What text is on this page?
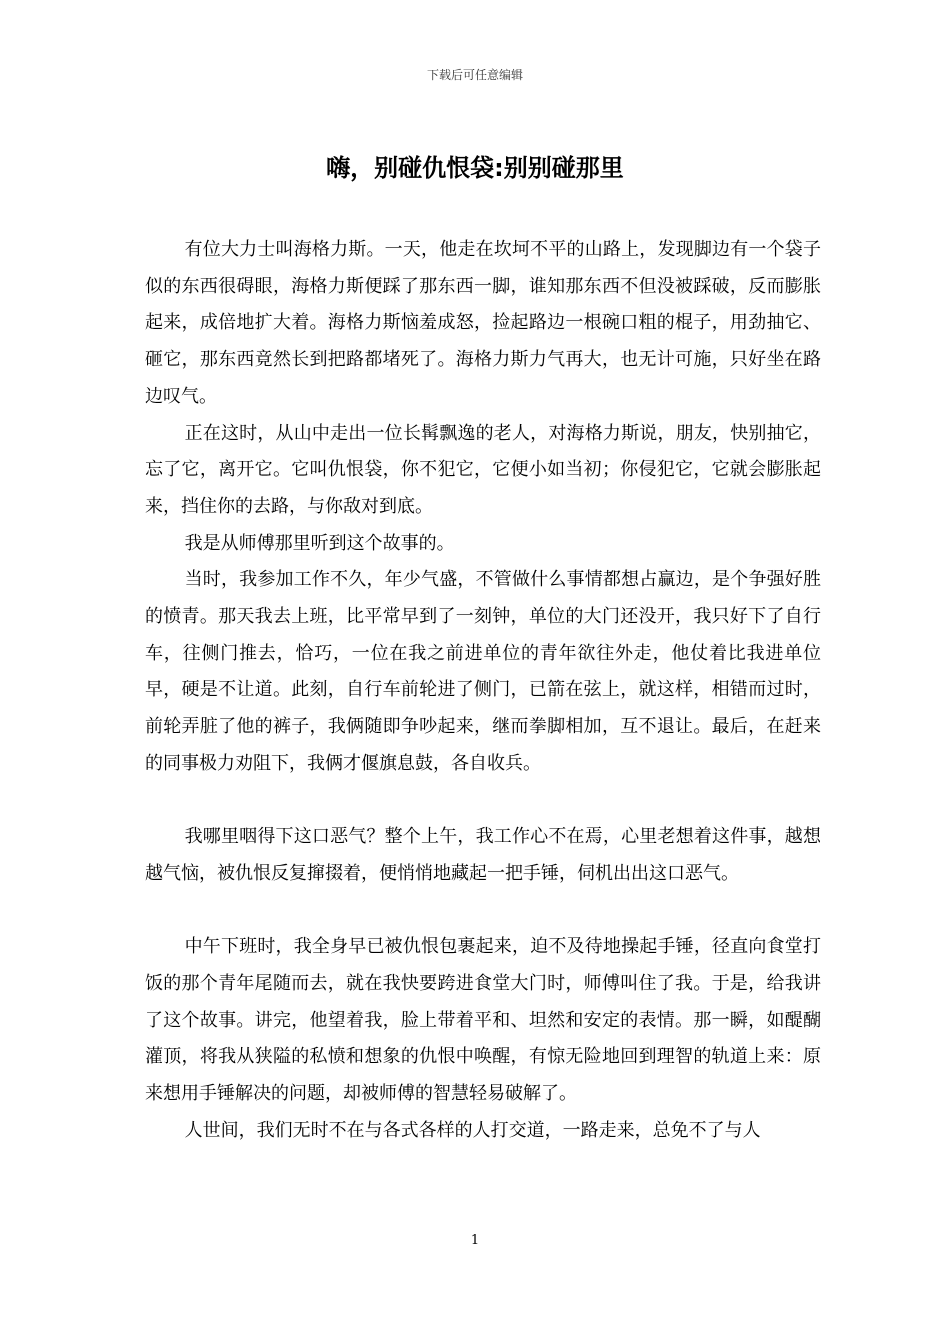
下载后可任意编辑
嗨，别碰仇恨袋:别别碰那里

有位大力士叫海格力斯。一天，他走在坎坷不平的山路上，发现脚边有一个袋子似的东西很碍眼，海格力斯便踩了那东西一脚，谁知那东西不但没被踩破，反而膨胀起来，成倍地扩大着。海格力斯恼羞成怒，捡起路边一根碗口粗的棍子，用劲抽它、砸它，那东西竟然长到把路都堵死了。海格力斯力气再大，也无计可施，只好坐在路边叹气。

正在这时，从山中走出一位长髯飘逸的老人，对海格力斯说，朋友，快别抽它，忘了它，离开它。它叫仇恨袋，你不犯它，它便小如当初；你侵犯它，它就会膨胀起来，挡住你的去路，与你敌对到底。

我是从师傅那里听到这个故事的。

当时，我参加工作不久，年少气盛，不管做什么事情都想占赢边，是个争强好胜的愤青。那天我去上班，比平常早到了一刻钟，单位的大门还没开，我只好下了自行车，往侧门推去，恰巧，一位在我之前进单位的青年欲往外走，他仗着比我进单位早，硬是不让道。此刻，自行车前轮进了侧门，已箭在弦上，就这样，相错而过时，前轮弄脏了他的裤子，我俩随即争吵起来，继而拳脚相加，互不退让。最后，在赶来的同事极力劝阻下，我俩才偃旗息鼓，各自收兵。

我哪里咽得下这口恶气？整个上午，我工作心不在焉，心里老想着这件事，越想越气恼，被仇恨反复撺掇着，便悄悄地藏起一把手锤，伺机出出这口恶气。

中午下班时，我全身早已被仇恨包裹起来，迫不及待地操起手锤，径直向食堂打饭的那个青年尾随而去，就在我快要跨进食堂大门时，师傅叫住了我。于是，给我讲了这个故事。讲完，他望着我，脸上带着平和、坦然和安定的表情。那一瞬，如醍醐灌顶，将我从狭隘的私愤和想象的仇恨中唤醒，有惊无险地回到理智的轨道上来：原来想用手锤解决的问题，却被师傅的智慧轻易破解了。

人世间，我们无时不在与各式各样的人打交道，一路走来，总免不了与人

1
